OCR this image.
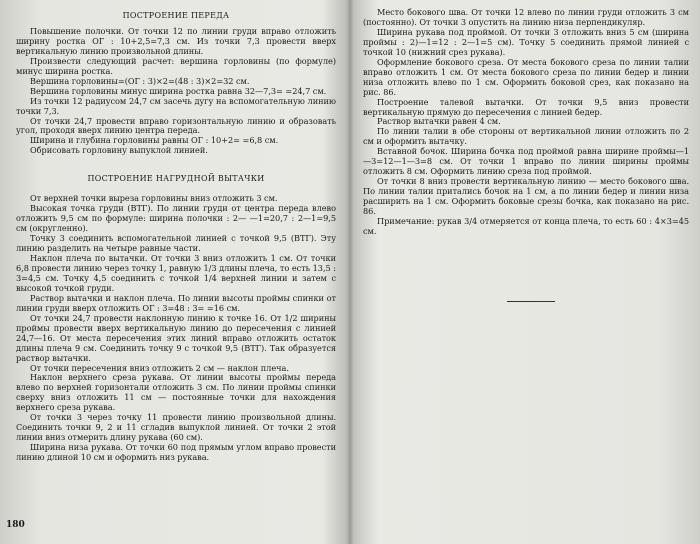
ПОСТРОЕНИЕ ПЕРЕДА

Повышение полочки. От точки 12 по линии груди вправо отложить ширину ростка ОГ : 10+2,5=7,3 см. Из точки 7,3 провести вверх вертикальную линию произвольной длины.

Произвести следующий расчет: вершина горловины (по формуле) минус ширина ростка.

Вершина горловины=(ОГ : 3)×2=(48 : 3)×2=32 см.

Вершина горловины минус ширина ростка равна 32—7,3= =24,7 см.

Из точки 12 радиусом 24,7 см засечь дугу на вспомогательную линию точки 7,3.

От точки 24,7 провести вправо горизонтальную линию и образовать угол, проходя вверх линию центра переда.

Ширина и глубина горловины равны ОГ : 10+2= =6,8 см.

Обрисовать горловину выпуклой линией.

ПОСТРОЕНИЕ НАГРУДНОЙ ВЫТАЧКИ

От верхней точки выреза горловины вниз отложить 3 см.

Высокая точка груди (ВТГ). По линии груди от центра переда влево отложить 9,5 см по формуле: ширина полочки : 2— —1=20,7 : 2—1=9,5 см (округленно).

Точку 3 соединить вспомогательной линией с точкой 9,5 (ВТГ). Эту линию разделить на четыре равные части.

Наклон плеча по вытачки. От точки 3 вниз отложить 1 см. От точки 6,8 провести линию через точку 1, равную 1/3 длины плеча, то есть 13,5 : 3=4,5 см. Точку 4,5 соединить с точкой 1/4 верхней линии и затем с высокой точкой груди.

Раствор вытачки и наклон плеча. По линии высоты проймы спинки от линии груди вверх отложить ОГ : 3=48 : 3= =16 см.

От точки 24,7 провести наклонную линию к точке 16. От 1/2 ширины проймы провести вверх вертикальную линию до пересечения с линией 24,7—16. От места пересечения этих линий вправо отложить остаток длины плеча 9 см. Соединить точку 9 с точкой 9,5 (ВТГ). Так образуется раствор вытачки.

От точки пересечения вниз отложить 2 см — наклон плеча.

Наклон верхнего среза рукава. От линии высоты проймы переда влево по верхней горизонтали отложить 3 см. По линии проймы спинки сверху вниз отложить 11 см — постоянные точки для нахождения верхнего среза рукава.

От точки 3 через точку 11 провести линию произвольной длины. Соединить точки 9, 2 и 11 сгладив выпуклой линией. От точки 2 этой линии вниз отмерить длину рукава (60 см).

Ширина низа рукава. От точки 60 под прямым углом вправо провести линию длиной 10 см и оформить низ рукава.

180

Место бокового шва. От точки 12 влево по линии груди отложить 3 см (постоянно). От точки 3 опустить на линию низа перпендикуляр.

Ширина рукава под проймой. От точки 3 отложить вниз 5 см (ширина проймы : 2)—1=12 : 2—1=5 см). Точку 5 соединить прямой линией с точкой 10 (нижний срез рукава).

Оформление бокового среза. От места бокового среза по линии талии вправо отложить 1 см. От места бокового среза по линии бедер и линии низа отложить влево по 1 см. Оформить боковой срез, как показано на рис. 86.

Построение талевой вытачки. От точки 9,5 вниз провести вертикальную прямую до пересечения с линией бедер.

Раствор вытачки равен 4 см.

По линии талии в обе стороны от вертикальной линии отложить по 2 см и оформить вытачку.

Вставной бочок. Ширина бочка под проймой равна ширине проймы—1—3=12—1—3=8 см. От точки 1 вправо по линии ширины проймы отложить 8 см. Оформить линию среза под проймой.

От точки 8 вниз провести вертикальную линию — место бокового шва. По линии талии притались бочок на 1 см, а по линии бедер и линии низа расширить на 1 см. Оформить боковые срезы бочка, как показано на рис. 86.

Примечание: рукав 3/4 отмеряется от конца плеча, то есть 60 : 4×3=45 см.
